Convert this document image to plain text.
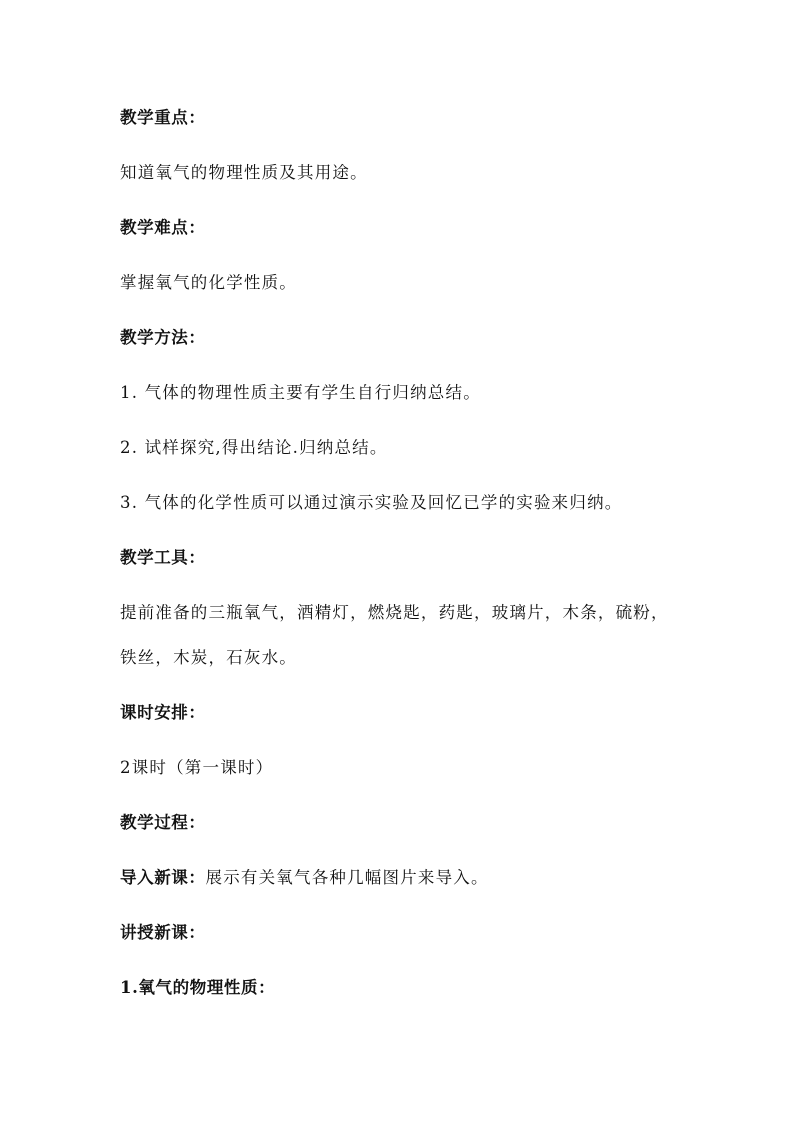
教学重点：
知道氧气的物理性质及其用途。
教学难点：
掌握氧气的化学性质。
教学方法：
1. 气体的物理性质主要有学生自行归纳总结。
2. 试样探究,得出结论.归纳总结。
3. 气体的化学性质可以通过演示实验及回忆已学的实验来归纳。
教学工具：
提前准备的三瓶氧气，酒精灯，燃烧匙，药匙，玻璃片，木条，硫粉，
铁丝，木炭，石灰水。
课时安排：
2课时（第一课时）
教学过程：
导入新课：展示有关氧气各种几幅图片来导入。
讲授新课：
1.氧气的物理性质：
